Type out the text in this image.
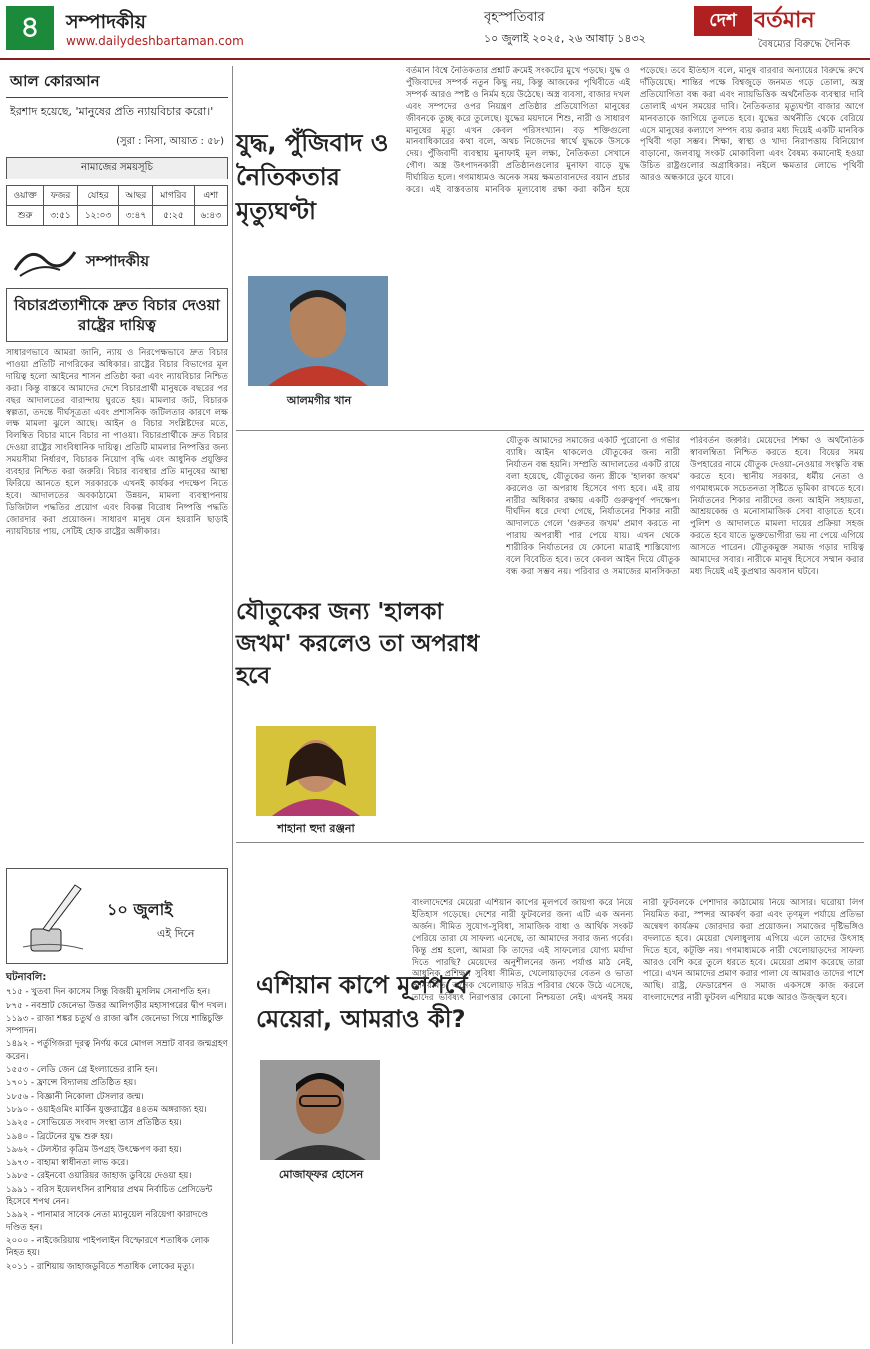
৪	সম্পাদকীয়
www.dailydeshbartaman.com
বৃহস্পতিবার
১০ জুলাই ২০২৫, ২৬ আষাঢ় ১৪৩২
দেশ বর্তমান
বৈষম্যের বিরুদ্ধে দৈনিক
আল কোরআন
ইরশাদ হয়েছে, 'মানুষের প্রতি ন্যায়বিচার করো।'
(সুরা : নিসা, আয়াত : ৫৮)
নামাজের সময়সূচি
ওয়াক্ত	ফজর	যোহর	আছর	মাগরিব	এশা
শুরু	৩:৫১	১২:০৩	৩:৪৭	৫:২৫	৬:৪৩
সম্পাদকীয়
বিচারপ্রত্যাশীকে দ্রুত বিচার দেওয়া রাষ্ট্রের দায়িত্ব
সাধারণভাবে আমরা জানি, ন্যায় ও নিরপেক্ষভাবে দ্রুত বিচার পাওয়া প্রতিটি নাগরিকের অধিকার। রাষ্ট্রের বিচার বিভাগের মূল দায়িত্ব হলো আইনের শাসন প্রতিষ্ঠা করা এবং ন্যায়বিচার নিশ্চিত করা। কিন্তু বাস্তবে আমাদের দেশে বিচারপ্রার্থী মানুষকে বছরের পর বছর আদালতের বারান্দায় ঘুরতে হয়। মামলার জট, বিচারক স্বল্পতা, তদন্তে দীর্ঘসূত্রতা এবং প্রশাসনিক জটিলতার কারণে লক্ষ লক্ষ মামলা ঝুলে আছে। আইন ও বিচার সংশ্লিষ্টদের মতে, বিলম্বিত বিচার মানে বিচার না পাওয়া। বিচারপ্রার্থীকে দ্রুত বিচার দেওয়া রাষ্ট্রের সাংবিধানিক দায়িত্ব। প্রতিটি মামলার নিষ্পত্তির জন্য সময়সীমা নির্ধারণ, বিচারক নিয়োগ বৃদ্ধি এবং আধুনিক প্রযুক্তির ব্যবহার নিশ্চিত করা জরুরি। বিচার ব্যবস্থার প্রতি মানুষের আস্থা ফিরিয়ে আনতে হলে সরকারকে এখনই কার্যকর পদক্ষেপ নিতে হবে। আদালতের অবকাঠামো উন্নয়ন, মামলা ব্যবস্থাপনায় ডিজিটাল পদ্ধতির প্রয়োগ এবং বিকল্প বিরোধ নিষ্পত্তি পদ্ধতি জোরদার করা প্রয়োজন। সাধারণ মানুষ যেন হয়রানি ছাড়াই ন্যায়বিচার পায়, সেটিই হোক রাষ্ট্রের অঙ্গীকার।
১০ জুলাই
এই দিনে
ঘটনাবলি:
৭১৫ - খুতবা দিন কাসেম সিন্ধু বিজয়ী মুসলিম সেনাপতি হন।
৮৭৫ - নবম্রাট জেনেভা উত্তর আলিগড়ীর মহাসাগরের দ্বীপ দখল।
১১৯৩ - রাজা শঙ্কর চতুর্থ ও রাজা ঝাঁস জেনেভা গিয়ে শান্তিচুক্তি সম্পাদন।
১৪৯২ - পর্তুগিজরা দূরত্ব নির্ণয় করে মোগল সম্রাট বাবর জন্মগ্রহণ করেন।
১৫৫৩ - লেডি জেন গ্রে ইংল্যান্ডের রানি হন।
১৭০১ - ফ্রান্সে বিদ্যালয় প্রতিষ্ঠিত হয়।
১৮৫৬ - বিজ্ঞানী নিকোলা টেসলার জন্ম।
১৮৯০ - ওয়াইওমিং মার্কিন যুক্তরাষ্ট্রের ৪৪তম অঙ্গরাজ্য হয়।
১৯২৫ - সোভিয়েত সংবাদ সংস্থা তাস প্রতিষ্ঠিত হয়।
১৯৪০ - ব্রিটেনের যুদ্ধ শুরু হয়।
১৯৬২ - টেলস্টার কৃত্রিম উপগ্রহ উৎক্ষেপণ করা হয়।
১৯৭৩ - বাহামা স্বাধীনতা লাভ করে।
১৯৮৫ - রেইনবো ওয়ারিয়র জাহাজ ডুবিয়ে দেওয়া হয়।
১৯৯১ - বরিস ইয়েলৎসিন রাশিয়ার প্রথম নির্বাচিত প্রেসিডেন্ট হিসেবে শপথ নেন।
১৯৯২ - পানামার সাবেক নেতা ম্যানুয়েল নরিয়েগা কারাদণ্ডে দণ্ডিত হন।
২০০০ - নাইজেরিয়ায় পাইপলাইন বিস্ফোরণে শতাধিক লোক নিহত হয়।
২০১১ - রাশিয়ায় জাহাজডুবিতে শতাধিক লোকের মৃত্যু।
যুদ্ধ, পুঁজিবাদ ও নৈতিকতার মৃত্যুঘণ্টা
আলমগীর খান
বর্তমান বিশ্বে নৈতিকতার প্রশ্নটি ক্রমেই সংকটের মুখে পড়ছে। যুদ্ধ ও পুঁজিবাদের সম্পর্ক নতুন কিছু নয়, কিন্তু আজকের পৃথিবীতে এই সম্পর্ক আরও স্পষ্ট ও নির্মম হয়ে উঠেছে। অস্ত্র ব্যবসা, বাজার দখল এবং সম্পদের ওপর নিয়ন্ত্রণ প্রতিষ্ঠার প্রতিযোগিতা মানুষের জীবনকে তুচ্ছ করে তুলেছে। যুদ্ধের ময়দানে শিশু, নারী ও সাধারণ মানুষের মৃত্যু এখন কেবল পরিসংখ্যান। বড় শক্তিগুলো মানবাধিকারের কথা বলে, অথচ নিজেদের স্বার্থে যুদ্ধকে উসকে দেয়। পুঁজিবাদী ব্যবস্থায় মুনাফাই মূল লক্ষ্য, নৈতিকতা সেখানে গৌণ। অস্ত্র উৎপাদনকারী প্রতিষ্ঠানগুলোর মুনাফা বাড়ে যুদ্ধ দীর্ঘায়িত হলে। গণমাধ্যমও অনেক সময় ক্ষমতাবানদের বয়ান প্রচার করে। এই বাস্তবতায় মানবিক মূল্যবোধ রক্ষা করা কঠিন হয়ে পড়েছে। তবে ইতিহাস বলে, মানুষ বারবার অন্যায়ের বিরুদ্ধে রুখে দাঁড়িয়েছে। শান্তির পক্ষে বিশ্বজুড়ে জনমত গড়ে তোলা, অস্ত্র প্রতিযোগিতা বন্ধ করা এবং ন্যায়ভিত্তিক অর্থনৈতিক ব্যবস্থার দাবি তোলাই এখন সময়ের দাবি। নৈতিকতার মৃত্যুঘণ্টা বাজার আগে মানবতাকে জাগিয়ে তুলতে হবে। যুদ্ধের অর্থনীতি থেকে বেরিয়ে এসে মানুষের কল্যাণে সম্পদ ব্যয় করার মধ্য দিয়েই একটি মানবিক পৃথিবী গড়া সম্ভব। শিক্ষা, স্বাস্থ্য ও খাদ্য নিরাপত্তায় বিনিয়োগ বাড়ানো, জলবায়ু সংকট মোকাবিলা এবং বৈষম্য কমানোই হওয়া উচিত রাষ্ট্রগুলোর অগ্রাধিকার। নইলে ক্ষমতার লোভে পৃথিবী আরও অন্ধকারে ডুবে যাবে।
যৌতুকের জন্য 'হালকা জখম' করলেও তা অপরাধ হবে
শাহানা হুদা রঞ্জনা
যৌতুক আমাদের সমাজের একটি পুরোনো ও গভীর ব্যাধি। আইন থাকলেও যৌতুকের জন্য নারী নির্যাতন বন্ধ হয়নি। সম্প্রতি আদালতের একটি রায়ে বলা হয়েছে, যৌতুকের জন্য স্ত্রীকে 'হালকা জখম' করলেও তা অপরাধ হিসেবে গণ্য হবে। এই রায় নারীর অধিকার রক্ষায় একটি গুরুত্বপূর্ণ পদক্ষেপ। দীর্ঘদিন ধরে দেখা গেছে, নির্যাতনের শিকার নারী আদালতে গেলে 'গুরুতর জখম' প্রমাণ করতে না পারায় অপরাধী পার পেয়ে যায়। এখন থেকে শারীরিক নির্যাতনের যে কোনো মাত্রাই শাস্তিযোগ্য বলে বিবেচিত হবে। তবে কেবল আইন দিয়ে যৌতুক বন্ধ করা সম্ভব নয়। পরিবার ও সমাজের মানসিকতা পরিবর্তন জরুরি। মেয়েদের শিক্ষা ও অর্থনৈতিক স্বাবলম্বিতা নিশ্চিত করতে হবে। বিয়ের সময় উপহারের নামে যৌতুক দেওয়া-নেওয়ার সংস্কৃতি বন্ধ করতে হবে। স্থানীয় সরকার, ধর্মীয় নেতা ও গণমাধ্যমকে সচেতনতা সৃষ্টিতে ভূমিকা রাখতে হবে। নির্যাতনের শিকার নারীদের জন্য আইনি সহায়তা, আশ্রয়কেন্দ্র ও মনোসামাজিক সেবা বাড়াতে হবে। পুলিশ ও আদালতে মামলা দায়ের প্রক্রিয়া সহজ করতে হবে যাতে ভুক্তভোগীরা ভয় না পেয়ে এগিয়ে আসতে পারেন। যৌতুকমুক্ত সমাজ গড়ার দায়িত্ব আমাদের সবার। নারীকে মানুষ হিসেবে সম্মান করার মধ্য দিয়েই এই কুপ্রথার অবসান ঘটবে।
এশিয়ান কাপে মূলপর্বে মেয়েরা, আমরাও কী?
মোজাফ্ফর হোসেন
বাংলাদেশের মেয়েরা এশিয়ান কাপের মূলপর্বে জায়গা করে নিয়ে ইতিহাস গড়েছে। দেশের নারী ফুটবলের জন্য এটি এক অনন্য অর্জন। সীমিত সুযোগ-সুবিধা, সামাজিক বাধা ও আর্থিক সংকট পেরিয়ে তারা যে সাফল্য এনেছে, তা আমাদের সবার জন্য গর্বের। কিন্তু প্রশ্ন হলো, আমরা কি তাদের এই সাফল্যের যোগ্য মর্যাদা দিতে পারছি? মেয়েদের অনুশীলনের জন্য পর্যাপ্ত মাঠ নেই, আধুনিক প্রশিক্ষণ সুবিধা সীমিত, খেলোয়াড়দের বেতন ও ভাতা অনিয়মিত। অনেক খেলোয়াড় দরিদ্র পরিবার থেকে উঠে এসেছে, তাদের ভবিষ্যৎ নিরাপত্তার কোনো নিশ্চয়তা নেই। এখনই সময় নারী ফুটবলকে পেশাদার কাঠামোয় নিয়ে আসার। ঘরোয়া লিগ নিয়মিত করা, স্পন্সর আকর্ষণ করা এবং তৃণমূল পর্যায়ে প্রতিভা অন্বেষণ কার্যক্রম জোরদার করা প্রয়োজন। সমাজের দৃষ্টিভঙ্গিও বদলাতে হবে। মেয়েরা খেলাধুলায় এগিয়ে এলে তাদের উৎসাহ দিতে হবে, কটূক্তি নয়। গণমাধ্যমকে নারী খেলোয়াড়দের সাফল্য আরও বেশি করে তুলে ধরতে হবে। মেয়েরা প্রমাণ করেছে তারা পারে। এখন আমাদের প্রমাণ করার পালা যে আমরাও তাদের পাশে আছি। রাষ্ট্র, ফেডারেশন ও সমাজ একসঙ্গে কাজ করলে বাংলাদেশের নারী ফুটবল এশিয়ার মঞ্চে আরও উজ্জ্বল হবে।
